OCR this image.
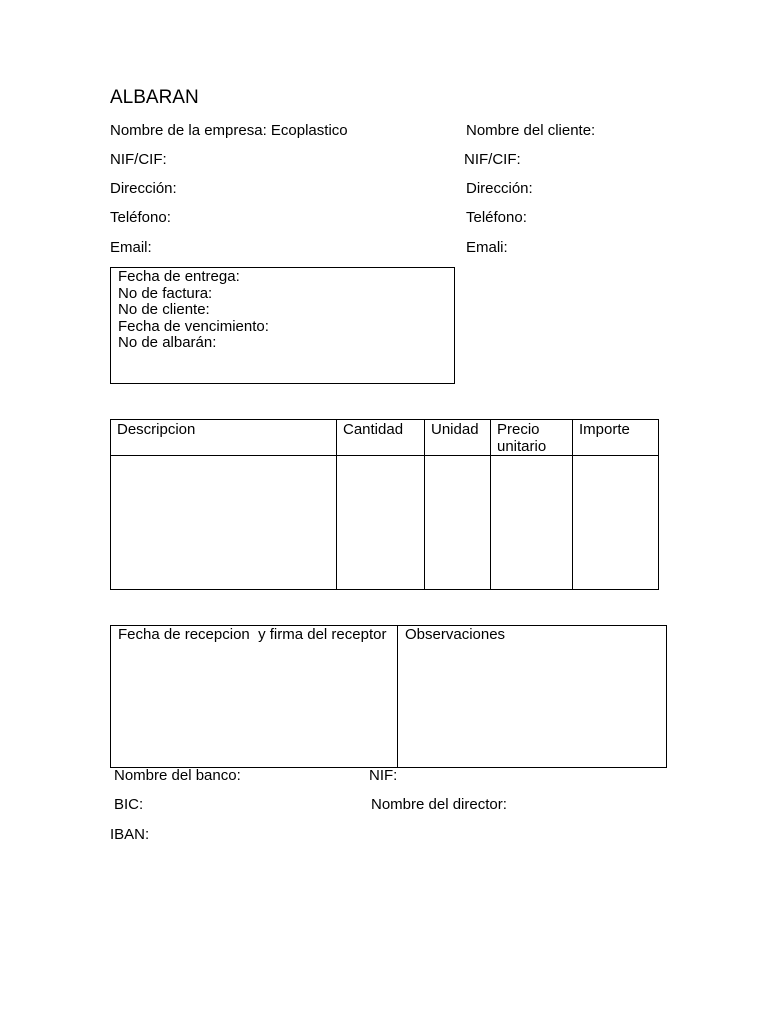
ALBARAN
Nombre de la empresa: Ecoplastico
NIF/CIF:
Dirección:
Teléfono:
Email:
Nombre del cliente:
NIF/CIF:
Dirección:
Teléfono:
Emali:
Fecha de entrega:
No de factura:
No de cliente:
Fecha de vencimiento:
No de albarán:
Descripcion	Cantidad	Unidad	Precio unitario	Importe

Fecha de recepcion  y firma del receptor	Observaciones
Nombre del banco:	NIF:
BIC:	Nombre del director:
IBAN:
